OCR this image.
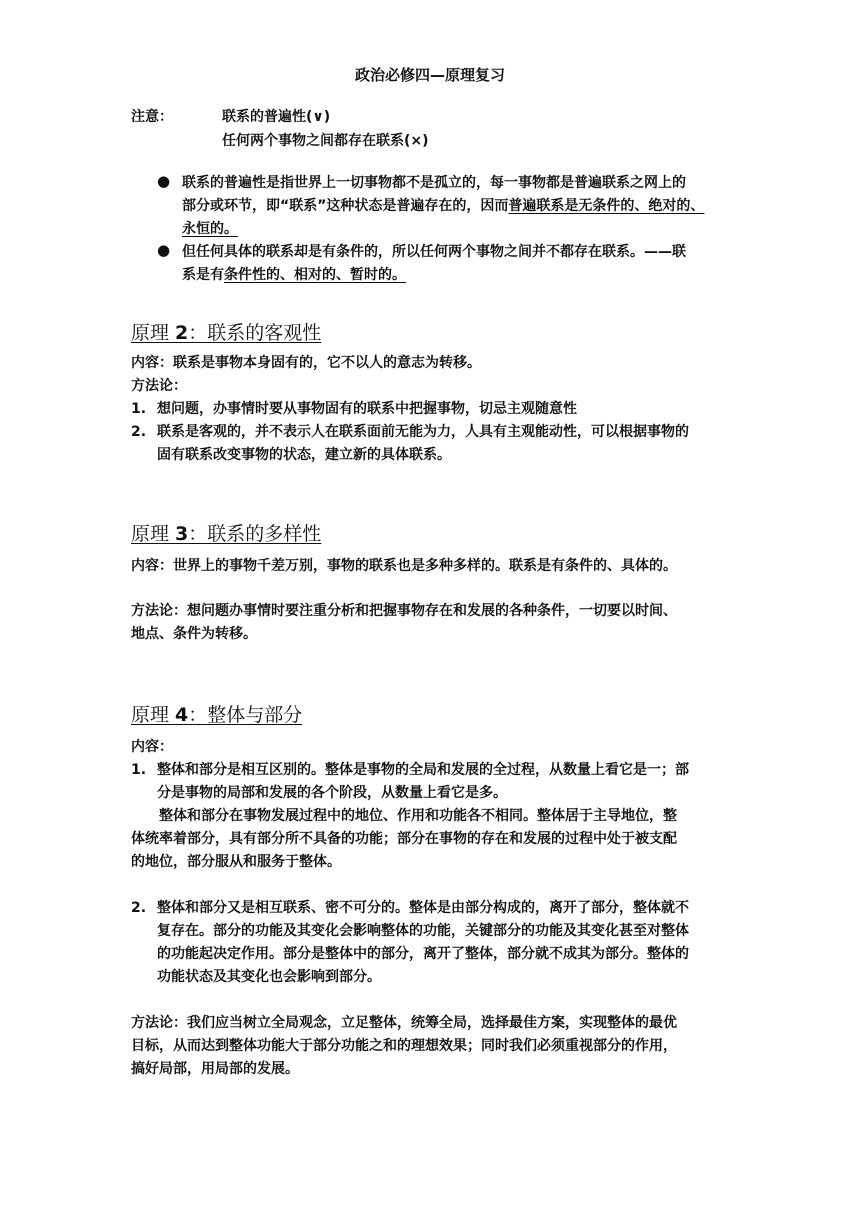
政治必修四—原理复习
注意：	联系的普遍性(∨)
任何两个事物之间都存在联系(×)
● 联系的普遍性是指世界上一切事物都不是孤立的，每一事物都是普遍联系之网上的
部分或环节，即“联系”这种状态是普遍存在的，因而普遍联系是无条件的、绝对的、
永恒的。
● 但任何具体的联系却是有条件的，所以任何两个事物之间并不都存在联系。——联
系是有条件性的、相对的、暂时的。
原理 2：联系的客观性
内容：联系是事物本身固有的，它不以人的意志为转移。
方法论：
1. 想问题，办事情时要从事物固有的联系中把握事物，切忌主观随意性
2. 联系是客观的，并不表示人在联系面前无能为力，人具有主观能动性，可以根据事物的
固有联系改变事物的状态，建立新的具体联系。
原理 3：联系的多样性
内容：世界上的事物千差万别，事物的联系也是多种多样的。联系是有条件的、具体的。
方法论：想问题办事情时要注重分析和把握事物存在和发展的各种条件，一切要以时间、
地点、条件为转移。
原理 4：整体与部分
内容：
1. 整体和部分是相互区别的。整体是事物的全局和发展的全过程，从数量上看它是一；部
分是事物的局部和发展的各个阶段，从数量上看它是多。
整体和部分在事物发展过程中的地位、作用和功能各不相同。整体居于主导地位，整
体统率着部分，具有部分所不具备的功能；部分在事物的存在和发展的过程中处于被支配
的地位，部分服从和服务于整体。
2. 整体和部分又是相互联系、密不可分的。整体是由部分构成的，离开了部分，整体就不
复存在。部分的功能及其变化会影响整体的功能，关键部分的功能及其变化甚至对整体
的功能起决定作用。部分是整体中的部分，离开了整体，部分就不成其为部分。整体的
功能状态及其变化也会影响到部分。
方法论：我们应当树立全局观念，立足整体，统筹全局，选择最佳方案，实现整体的最优
目标，从而达到整体功能大于部分功能之和的理想效果；同时我们必须重视部分的作用，
搞好局部，用局部的发展。
